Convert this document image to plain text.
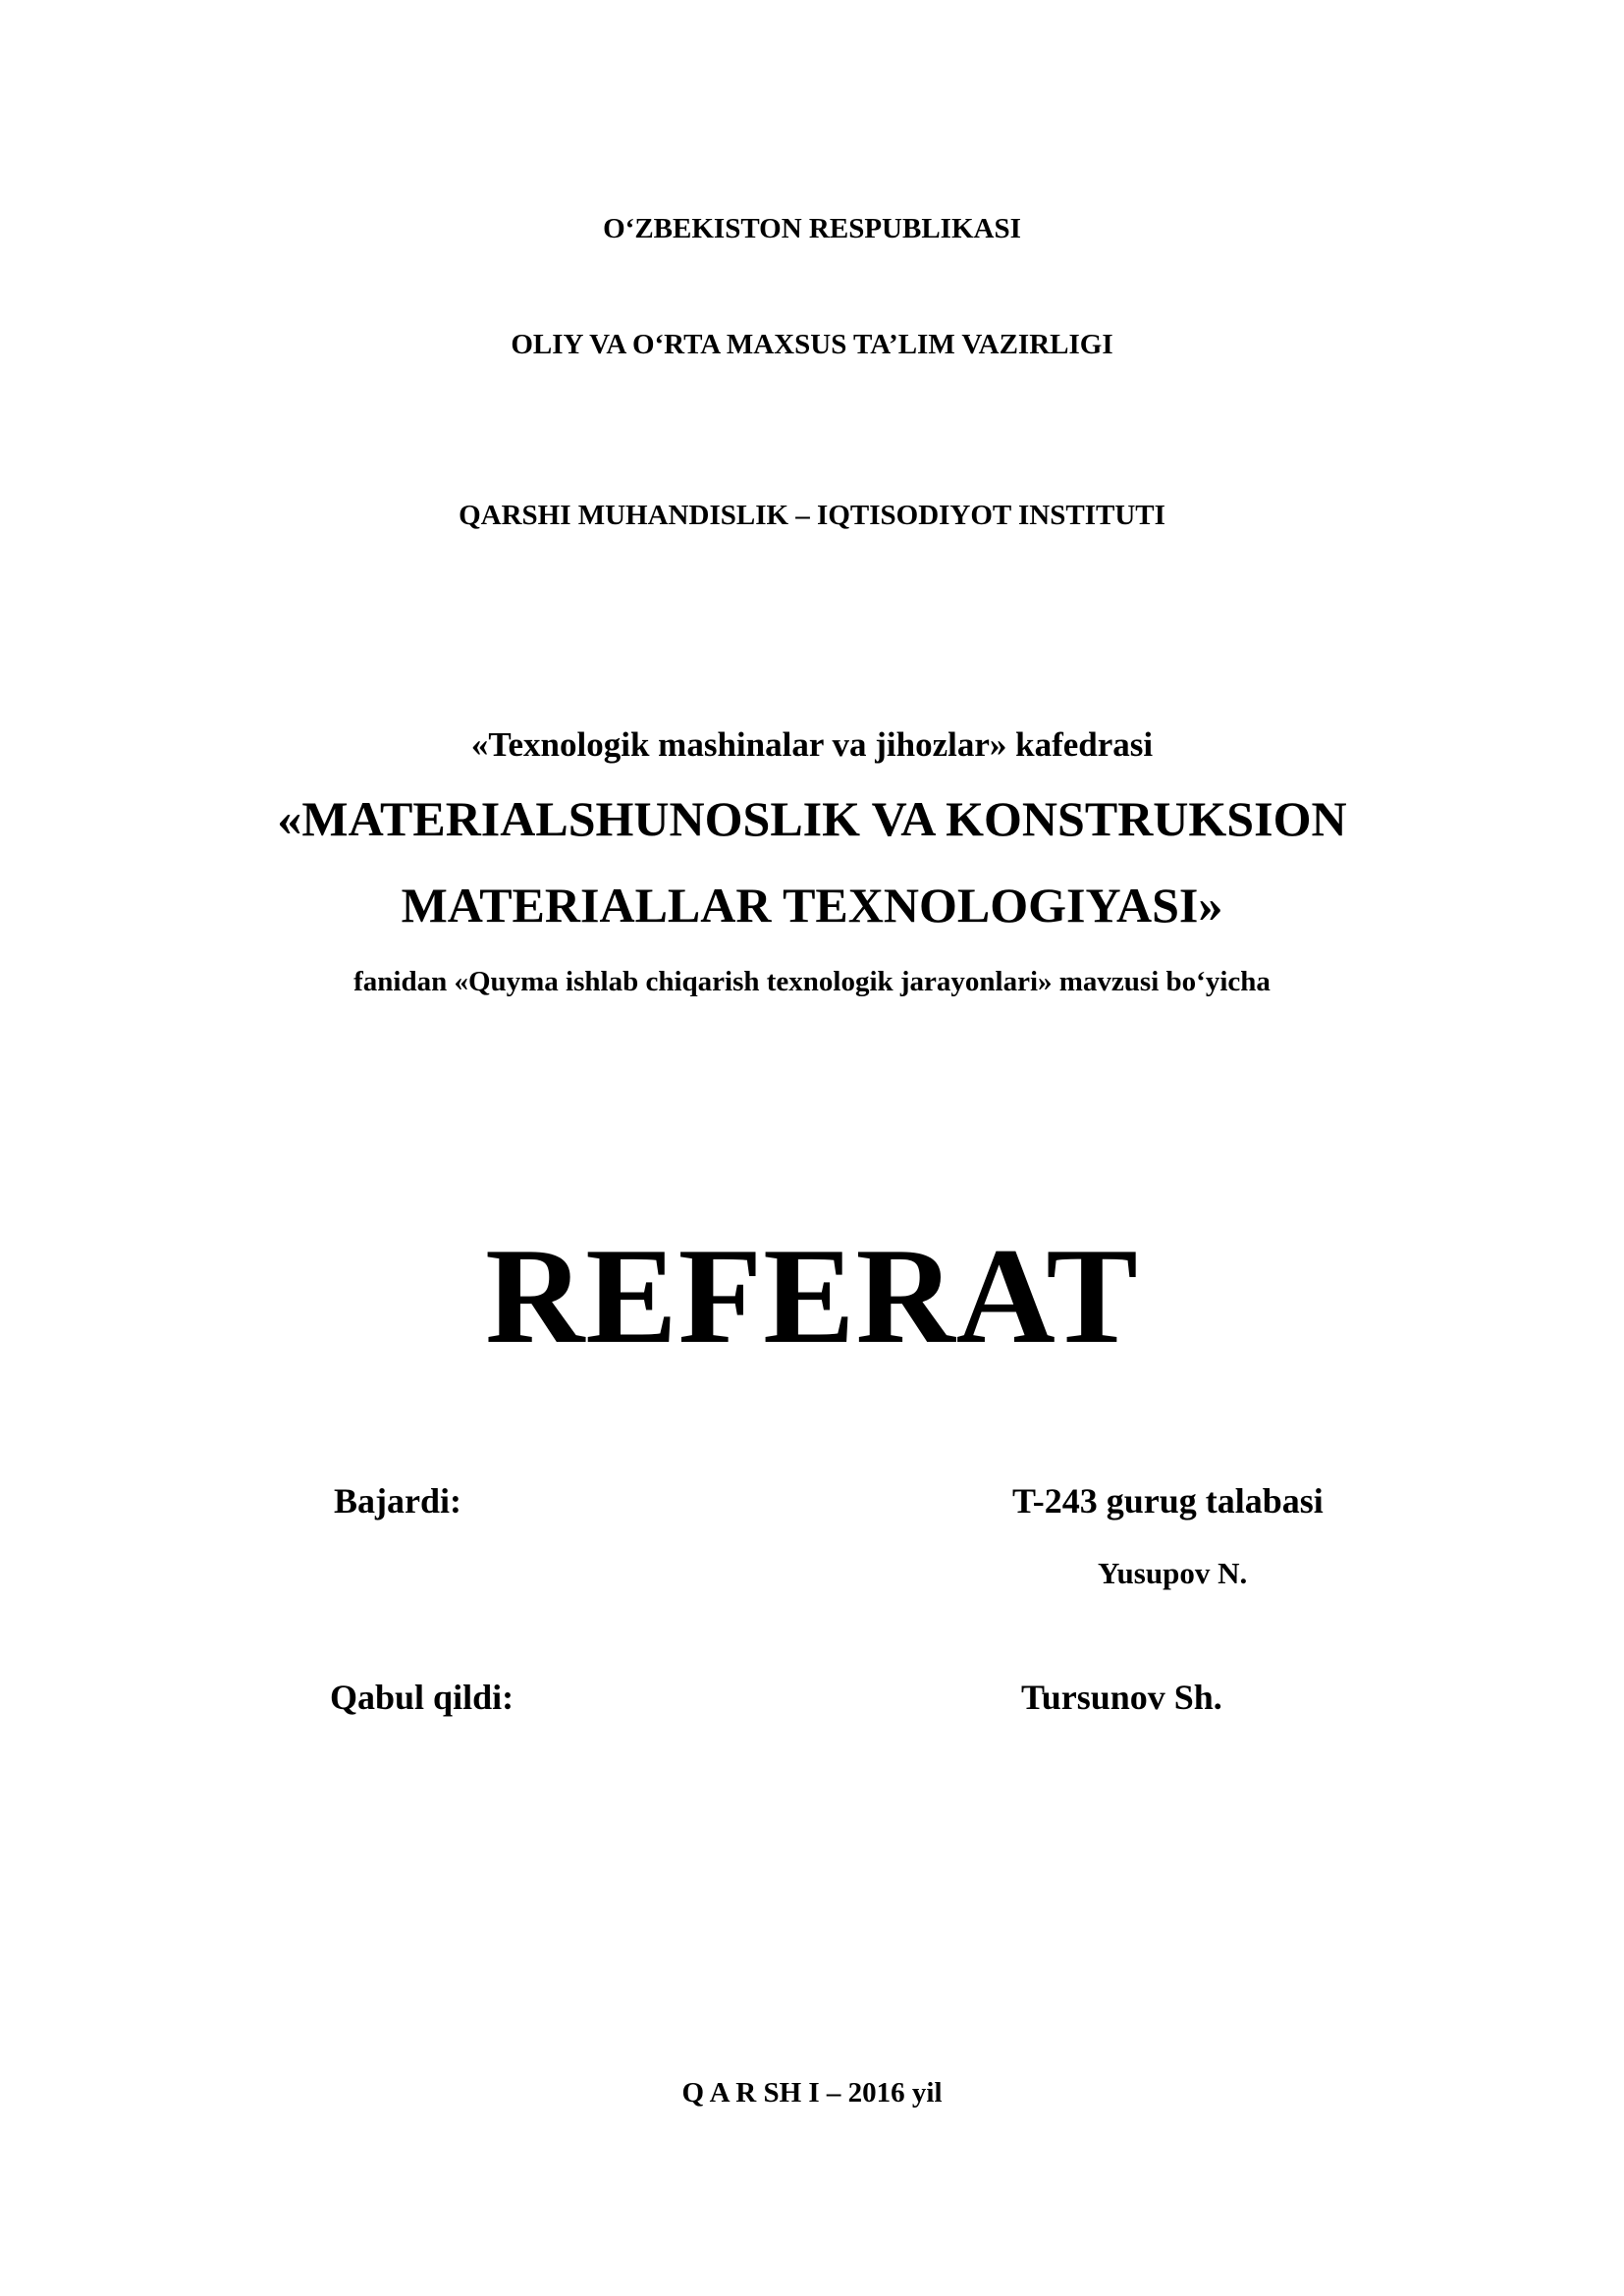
O‘ZBEKISTON RESPUBLIKASI
OLIY VA O‘RTA MAXSUS TA’LIM VAZIRLIGI
QARSHI MUHANDISLIK – IQTISODIYOT INSTITUTI
«Texnologik mashinalar va jihozlar» kafedrasi
«MATERIALSHUNOSLIK VA KONSTRUKSION
MATERIALLAR TEXNOLOGIYASI»
fanidan «Quyma ishlab chiqarish texnologik jarayonlari» mavzusi bo‘yicha
REFERAT
Bajardi:	T-243 gurug talabasi
Yusupov N.
Qabul qildi:	Tursunov Sh.
Q A R SH I – 2016 yil
